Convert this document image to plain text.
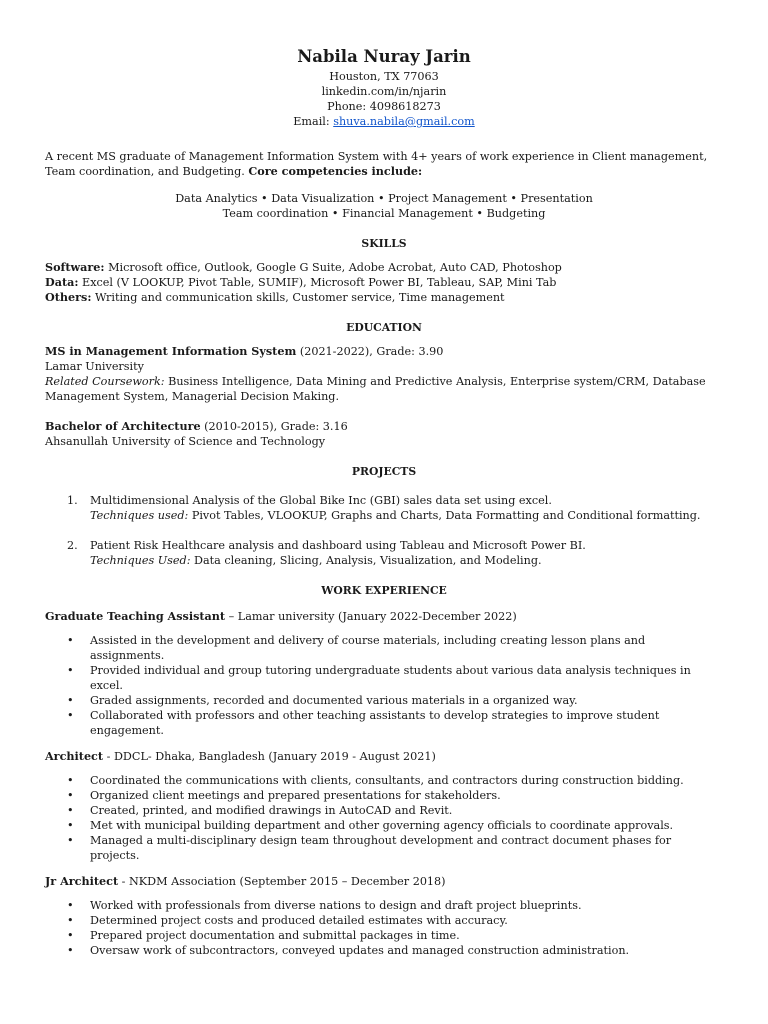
Nabila Nuray Jarin
Houston, TX 77063
linkedin.com/in/njarin
Phone: 4098618273
Email: shuva.nabila@gmail.com
A recent MS graduate of Management Information System with 4+ years of work experience in Client management, Team coordination, and Budgeting. Core competencies include:
Data Analytics • Data Visualization • Project Management • Presentation
Team coordination • Financial Management • Budgeting
SKILLS
Software: Microsoft office, Outlook, Google G Suite, Adobe Acrobat, Auto CAD, Photoshop
Data: Excel (V LOOKUP, Pivot Table, SUMIF), Microsoft Power BI, Tableau, SAP, Mini Tab
Others: Writing and communication skills, Customer service, Time management
EDUCATION
MS in Management Information System (2021-2022), Grade: 3.90
Lamar University
Related Coursework: Business Intelligence, Data Mining and Predictive Analysis, Enterprise system/CRM, Database Management System, Managerial Decision Making.
Bachelor of Architecture (2010-2015), Grade: 3.16
Ahsanullah University of Science and Technology
PROJECTS
1. Multidimensional Analysis of the Global Bike Inc (GBI) sales data set using excel.
Techniques used: Pivot Tables, VLOOKUP, Graphs and Charts, Data Formatting and Conditional formatting.
2. Patient Risk Healthcare analysis and dashboard using Tableau and Microsoft Power BI.
Techniques Used: Data cleaning, Slicing, Analysis, Visualization, and Modeling.
WORK EXPERIENCE
Graduate Teaching Assistant – Lamar university (January 2022-December 2022)
• Assisted in the development and delivery of course materials, including creating lesson plans and assignments.
• Provided individual and group tutoring undergraduate students about various data analysis techniques in excel.
• Graded assignments, recorded and documented various materials in a organized way.
• Collaborated with professors and other teaching assistants to develop strategies to improve student engagement.
Architect - DDCL- Dhaka, Bangladesh (January 2019 - August 2021)
• Coordinated the communications with clients, consultants, and contractors during construction bidding.
• Organized client meetings and prepared presentations for stakeholders.
• Created, printed, and modified drawings in AutoCAD and Revit.
• Met with municipal building department and other governing agency officials to coordinate approvals.
• Managed a multi-disciplinary design team throughout development and contract document phases for projects.
Jr Architect - NKDM Association (September 2015 – December 2018)
• Worked with professionals from diverse nations to design and draft project blueprints.
• Determined project costs and produced detailed estimates with accuracy.
• Prepared project documentation and submittal packages in time.
• Oversaw work of subcontractors, conveyed updates and managed construction administration.
